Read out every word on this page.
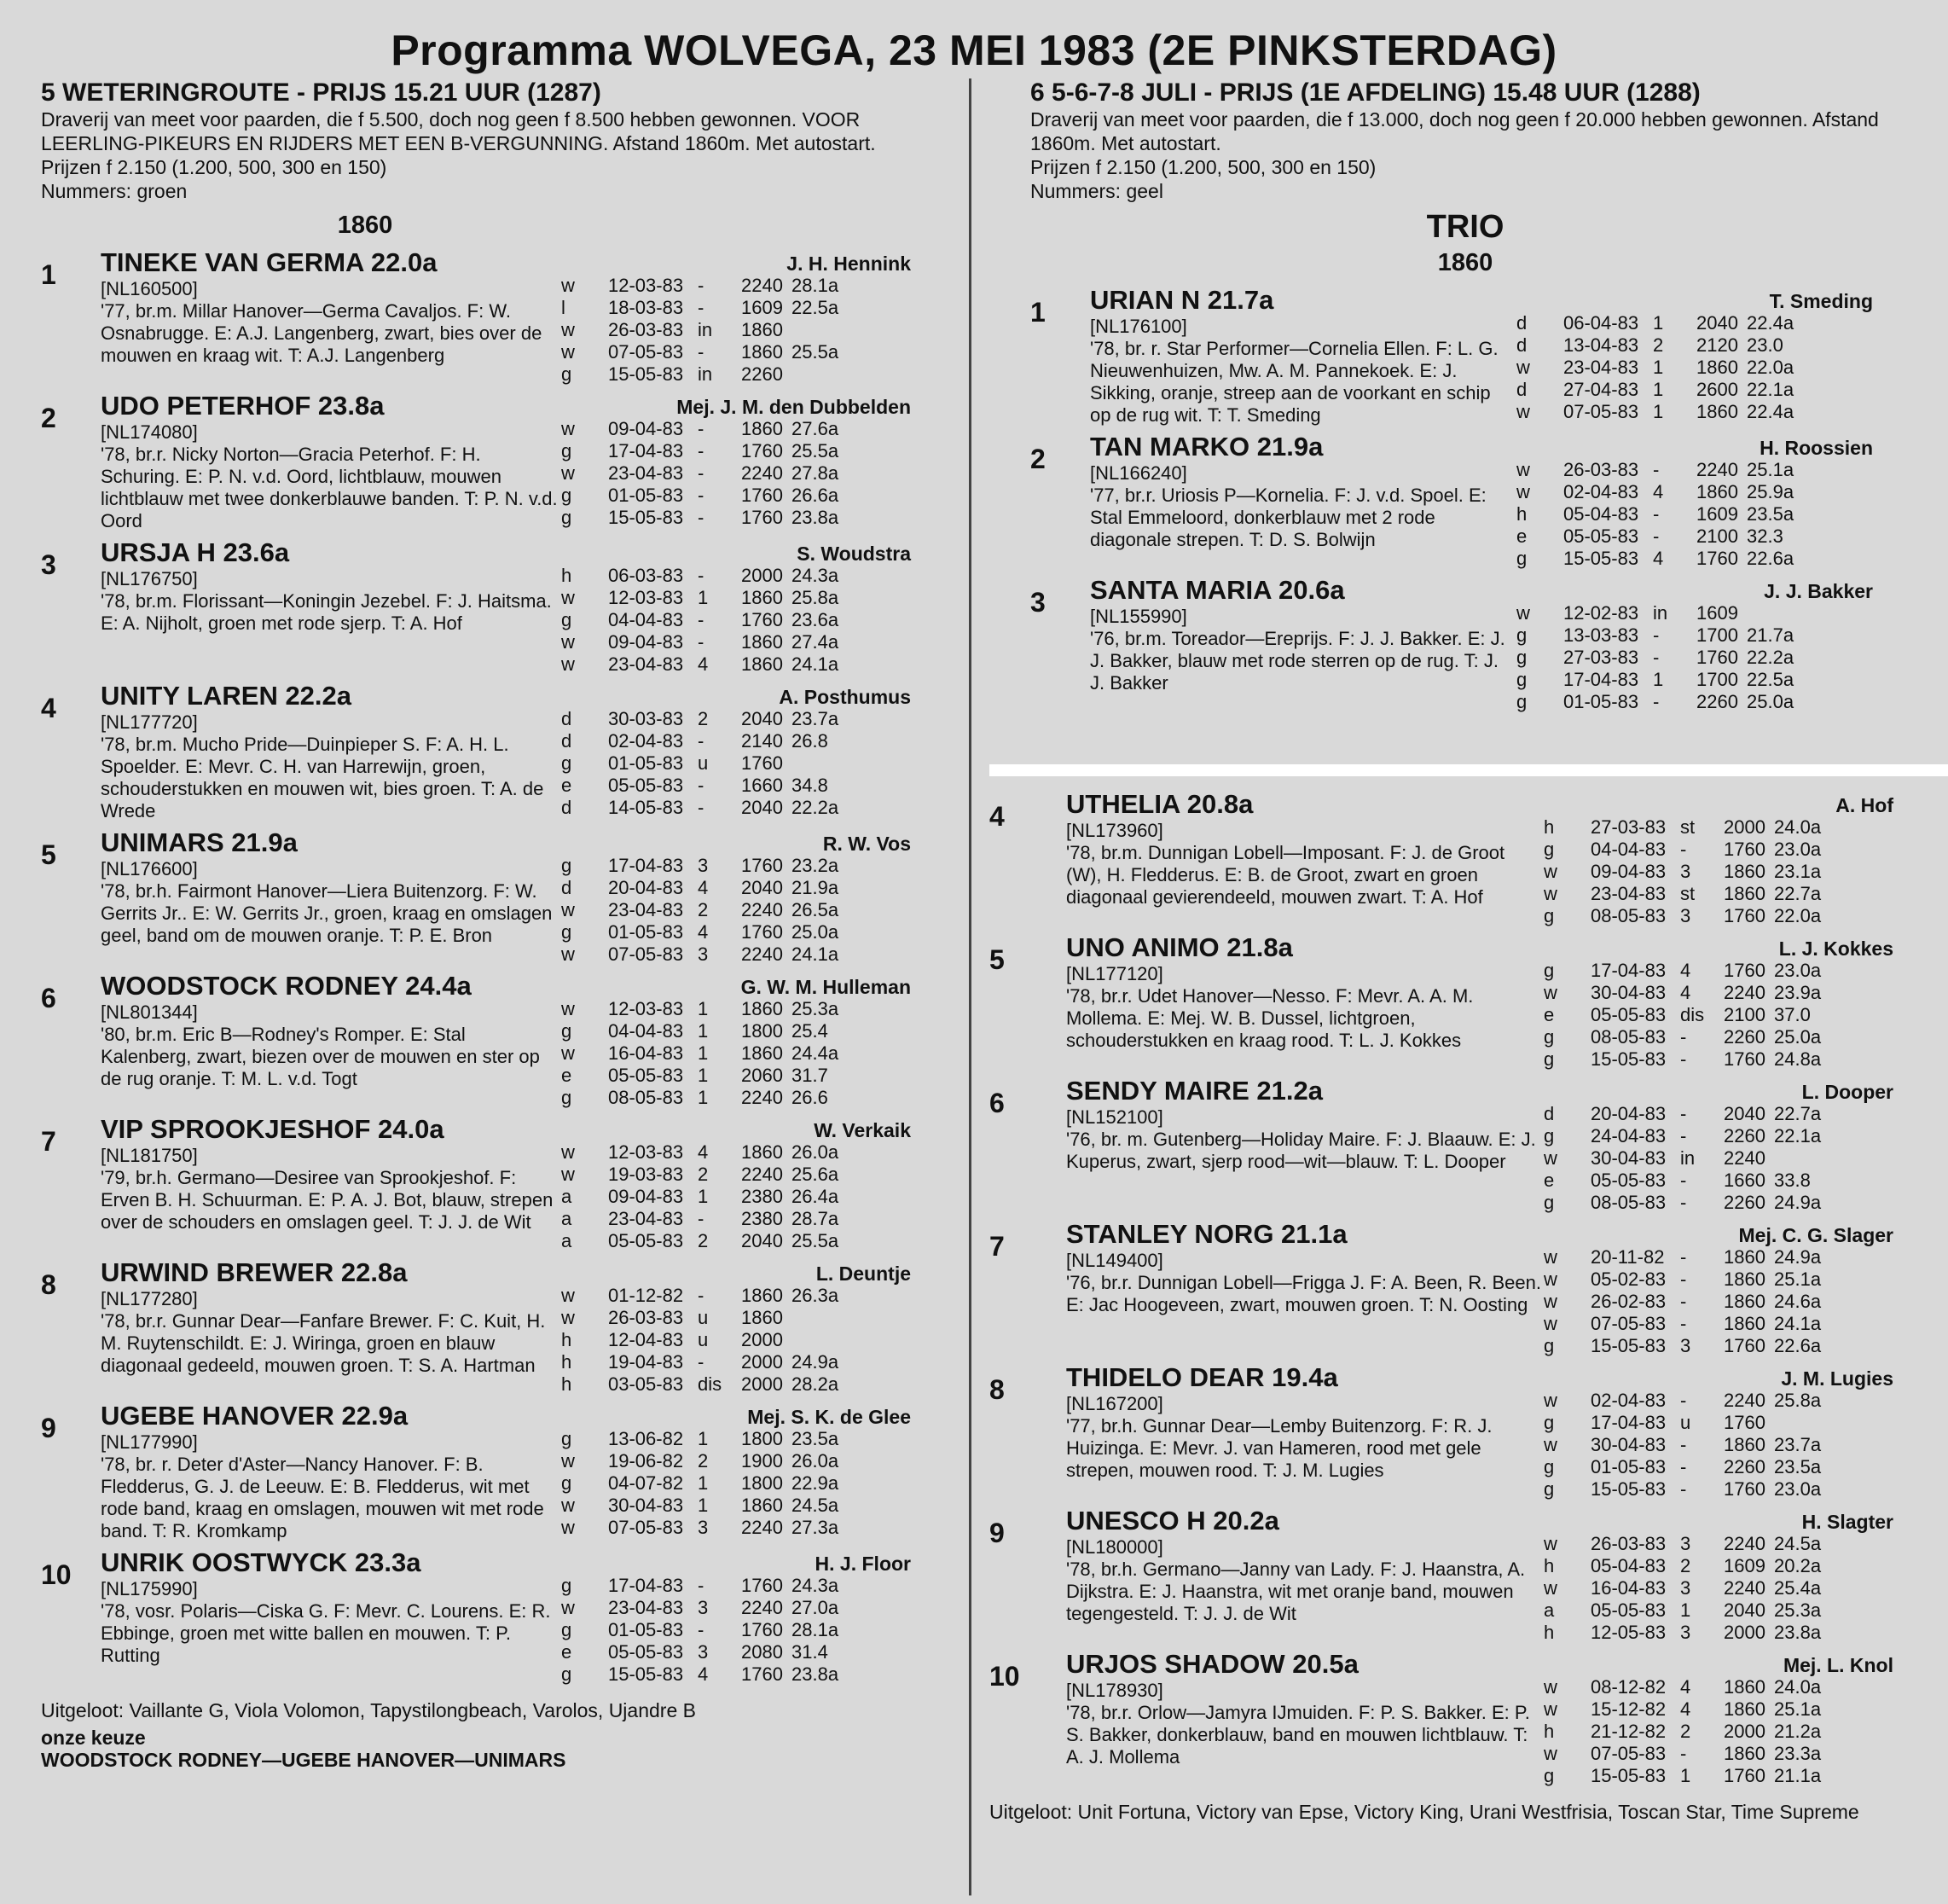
Programma WOLVEGA, 23 MEI 1983 (2E PINKSTERDAG)
5 WETERINGROUTE - PRIJS 15.21 UUR (1287)
Draverij van meet voor paarden, die f 5.500, doch nog geen f 8.500 hebben gewonnen. VOOR LEERLING-PIKEURS EN RIJDERS MET EEN B-VERGUNNING. Afstand 1860m. Met autostart.
Prijzen f 2.150 (1.200, 500, 300 en 150)
Nummers: groen
1860
1	TINEKE VAN GERMA 22.0a
[NL160500]
'77, br.m. Millar Hanover—Germa Cavaljos. F: W. Osnabrugge. E: A.J. Langenberg, zwart, bies over de mouwen en kraag wit. T: A.J. Langenberg
J. H. Hennink
w	12-03-83 -	2240 28.1a
l	18-03-83 -	1609 22.5a
w	26-03-83 in	1860
w	07-05-83 -	1860 25.5a
g	15-05-83 in	2260
2	UDO PETERHOF 23.8a
[NL174080]
'78, br.r. Nicky Norton—Gracia Peterhof. F: H. Schuring. E: P. N. v.d. Oord, lichtblauw, mouwen lichtblauw met twee donkerblauwe banden. T: P. N. v.d. Oord
Mej. J. M. den Dubbelden
w	09-04-83 -	1860 27.6a
g	17-04-83 -	1760 25.5a
w	23-04-83 -	2240 27.8a
g	01-05-83 -	1760 26.6a
g	15-05-83 -	1760 23.8a
3	URSJA H 23.6a
[NL176750]
'78, br.m. Florissant—Koningin Jezebel. F: J. Haitsma. E: A. Nijholt, groen met rode sjerp. T: A. Hof
S. Woudstra
h	06-03-83 -	2000 24.3a
w	12-03-83 1	1860 25.8a
g	04-04-83 -	1760 23.6a
w	09-04-83 -	1860 27.4a
w	23-04-83 4	1860 24.1a
4	UNITY LAREN 22.2a
[NL177720]
'78, br.m. Mucho Pride—Duinpieper S. F: A. H. L. Spoelder. E: Mevr. C. H. van Harrewijn, groen, schouderstukken en mouwen wit, bies groen. T: A. de Wrede
A. Posthumus
d	30-03-83 2	2040 23.7a
d	02-04-83 -	2140 26.8
g	01-05-83 u	1760
e	05-05-83 -	1660 34.8
d	14-05-83 -	2040 22.2a
5	UNIMARS 21.9a
[NL176600]
'78, br.h. Fairmont Hanover—Liera Buitenzorg. F: W. Gerrits Jr.. E: W. Gerrits Jr., groen, kraag en omslagen geel, band om de mouwen oranje. T: P. E. Bron
R. W. Vos
g	17-04-83 3	1760 23.2a
d	20-04-83 4	2040 21.9a
w	23-04-83 2	2240 26.5a
g	01-05-83 4	1760 25.0a
w	07-05-83 3	2240 24.1a
6	WOODSTOCK RODNEY 24.4a
[NL801344]
'80, br.m. Eric B—Rodney's Romper. E: Stal Kalenberg, zwart, biezen over de mouwen en ster op de rug oranje. T: M. L. v.d. Togt
G. W. M. Hulleman
w	12-03-83 1	1860 25.3a
g	04-04-83 1	1800 25.4
w	16-04-83 1	1860 24.4a
e	05-05-83 1	2060 31.7
g	08-05-83 1	2240 26.6
7	VIP SPROOKJESHOF 24.0a
[NL181750]
'79, br.h. Germano—Desiree van Sprookjeshof. F: Erven B. H. Schuurman. E: P. A. J. Bot, blauw, strepen over de schouders en omslagen geel. T: J. J. de Wit
W. Verkaik
w	12-03-83 4	1860 26.0a
w	19-03-83 2	2240 25.6a
a	09-04-83 1	2380 26.4a
a	23-04-83 -	2380 28.7a
a	05-05-83 2	2040 25.5a
8	URWIND BREWER 22.8a
[NL177280]
'78, br.r. Gunnar Dear—Fanfare Brewer. F: C. Kuit, H. M. Ruytenschildt. E: J. Wiringa, groen en blauw diagonaal gedeeld, mouwen groen. T: S. A. Hartman
L. Deuntje
w	01-12-82 -	1860 26.3a
w	26-03-83 u	1860
h	12-04-83 u	2000
h	19-04-83 -	2000 24.9a
h	03-05-83 dis	2000 28.2a
9	UGEBE HANOVER 22.9a
[NL177990]
'78, br. r. Deter d'Aster—Nancy Hanover. F: B. Fledderus, G. J. de Leeuw. E: B. Fledderus, wit met rode band, kraag en omslagen, mouwen wit met rode band. T: R. Kromkamp
Mej. S. K. de Glee
g	13-06-82 1	1800 23.5a
w	19-06-82 2	1900 26.0a
g	04-07-82 1	1800 22.9a
w	30-04-83 1	1860 24.5a
w	07-05-83 3	2240 27.3a
10	UNRIK OOSTWYCK 23.3a
[NL175990]
'78, vosr. Polaris—Ciska G. F: Mevr. C. Lourens. E: R. Ebbinge, groen met witte ballen en mouwen. T: P. Rutting
H. J. Floor
g	17-04-83 -	1760 24.3a
w	23-04-83 3	2240 27.0a
g	01-05-83 -	1760 28.1a
e	05-05-83 3	2080 31.4
g	15-05-83 4	1760 23.8a
Uitgeloot: Vaillante G, Viola Volomon, Tapystilongbeach, Varolos, Ujandre B
onze keuze
WOODSTOCK RODNEY—UGEBE HANOVER—UNIMARS
6 5-6-7-8 JULI - PRIJS (1E AFDELING) 15.48 UUR (1288)
Draverij van meet voor paarden, die f 13.000, doch nog geen f 20.000 hebben gewonnen. Afstand 1860m. Met autostart.
Prijzen f 2.150 (1.200, 500, 300 en 150)
Nummers: geel
TRIO
1860
1	URIAN N 21.7a
[NL176100]
'78, br. r. Star Performer—Cornelia Ellen. F: L. G. Nieuwenhuizen, Mw. A. M. Pannekoek. E: J. Sikking, oranje, streep aan de voorkant en schip op de rug wit. T: T. Smeding
T. Smeding
d	06-04-83 1	2040 22.4a
d	13-04-83 2	2120 23.0
w	23-04-83 1	1860 22.0a
d	27-04-83 1	2600 22.1a
w	07-05-83 1	1860 22.4a
2	TAN MARKO 21.9a
[NL166240]
'77, br.r. Uriosis P—Kornelia. F: J. v.d. Spoel. E: Stal Emmeloord, donkerblauw met 2 rode diagonale strepen. T: D. S. Bolwijn
H. Roossien
w	26-03-83 -	2240 25.1a
w	02-04-83 4	1860 25.9a
h	05-04-83 -	1609 23.5a
e	05-05-83 -	2100 32.3
g	15-05-83 4	1760 22.6a
3	SANTA MARIA 20.6a
[NL155990]
'76, br.m. Toreador—Ereprijs. F: J. J. Bakker. E: J. J. Bakker, blauw met rode sterren op de rug. T: J. J. Bakker
J. J. Bakker
w	12-02-83 in	1609
g	13-03-83 -	1700 21.7a
g	27-03-83 -	1760 22.2a
g	17-04-83 1	1700 22.5a
g	01-05-83 -	2260 25.0a
4	UTHELIA 20.8a
[NL173960]
'78, br.m. Dunnigan Lobell—Imposant. F: J. de Groot (W), H. Fledderus. E: B. de Groot, zwart en groen diagonaal gevierendeeld, mouwen zwart. T: A. Hof
A. Hof
h	27-03-83 st	2000 24.0a
g	04-04-83 -	1760 23.0a
w	09-04-83 3	1860 23.1a
w	23-04-83 st	1860 22.7a
g	08-05-83 3	1760 22.0a
5	UNO ANIMO 21.8a
[NL177120]
'78, br.r. Udet Hanover—Nesso. F: Mevr. A. A. M. Mollema. E: Mej. W. B. Dussel, lichtgroen, schouderstukken en kraag rood. T: L. J. Kokkes
L. J. Kokkes
g	17-04-83 4	1760 23.0a
w	30-04-83 4	2240 23.9a
e	05-05-83 dis	2100 37.0
g	08-05-83 -	2260 25.0a
g	15-05-83 -	1760 24.8a
6	SENDY MAIRE 21.2a
[NL152100]
'76, br. m. Gutenberg—Holiday Maire. F: J. Blaauw. E: J. Kuperus, zwart, sjerp rood—wit—blauw. T: L. Dooper
L. Dooper
d	20-04-83 -	2040 22.7a
g	24-04-83 -	2260 22.1a
w	30-04-83 in	2240
e	05-05-83 -	1660 33.8
g	08-05-83 -	2260 24.9a
7	STANLEY NORG 21.1a
[NL149400]
'76, br.r. Dunnigan Lobell—Frigga J. F: A. Been, R. Been. E: Jac Hoogeveen, zwart, mouwen groen. T: N. Oosting
Mej. C. G. Slager
w	20-11-82 -	1860 24.9a
w	05-02-83 -	1860 25.1a
w	26-02-83 -	1860 24.6a
w	07-05-83 -	1860 24.1a
g	15-05-83 3	1760 22.6a
8	THIDELO DEAR 19.4a
[NL167200]
'77, br.h. Gunnar Dear—Lemby Buitenzorg. F: R. J. Huizinga. E: Mevr. J. van Hameren, rood met gele strepen, mouwen rood. T: J. M. Lugies
J. M. Lugies
w	02-04-83 -	2240 25.8a
g	17-04-83 u	1760
w	30-04-83 -	1860 23.7a
g	01-05-83 -	2260 23.5a
g	15-05-83 -	1760 23.0a
9	UNESCO H 20.2a
[NL180000]
'78, br.h. Germano—Janny van Lady. F: J. Haanstra, A. Dijkstra. E: J. Haanstra, wit met oranje band, mouwen tegengesteld. T: J. J. de Wit
H. Slagter
w	26-03-83 3	2240 24.5a
h	05-04-83 2	1609 20.2a
w	16-04-83 3	2240 25.4a
a	05-05-83 1	2040 25.3a
h	12-05-83 3	2000 23.8a
10	URJOS SHADOW 20.5a
[NL178930]
'78, br.r. Orlow—Jamyra IJmuiden. F: P. S. Bakker. E: P. S. Bakker, donkerblauw, band en mouwen lichtblauw. T: A. J. Mollema
Mej. L. Knol
w	08-12-82 4	1860 24.0a
w	15-12-82 4	1860 25.1a
h	21-12-82 2	2000 21.2a
w	07-05-83 -	1860 23.3a
g	15-05-83 1	1760 21.1a
Uitgeloot: Unit Fortuna, Victory van Epse, Victory King, Urani Westfrisia, Toscan Star, Time Supreme
